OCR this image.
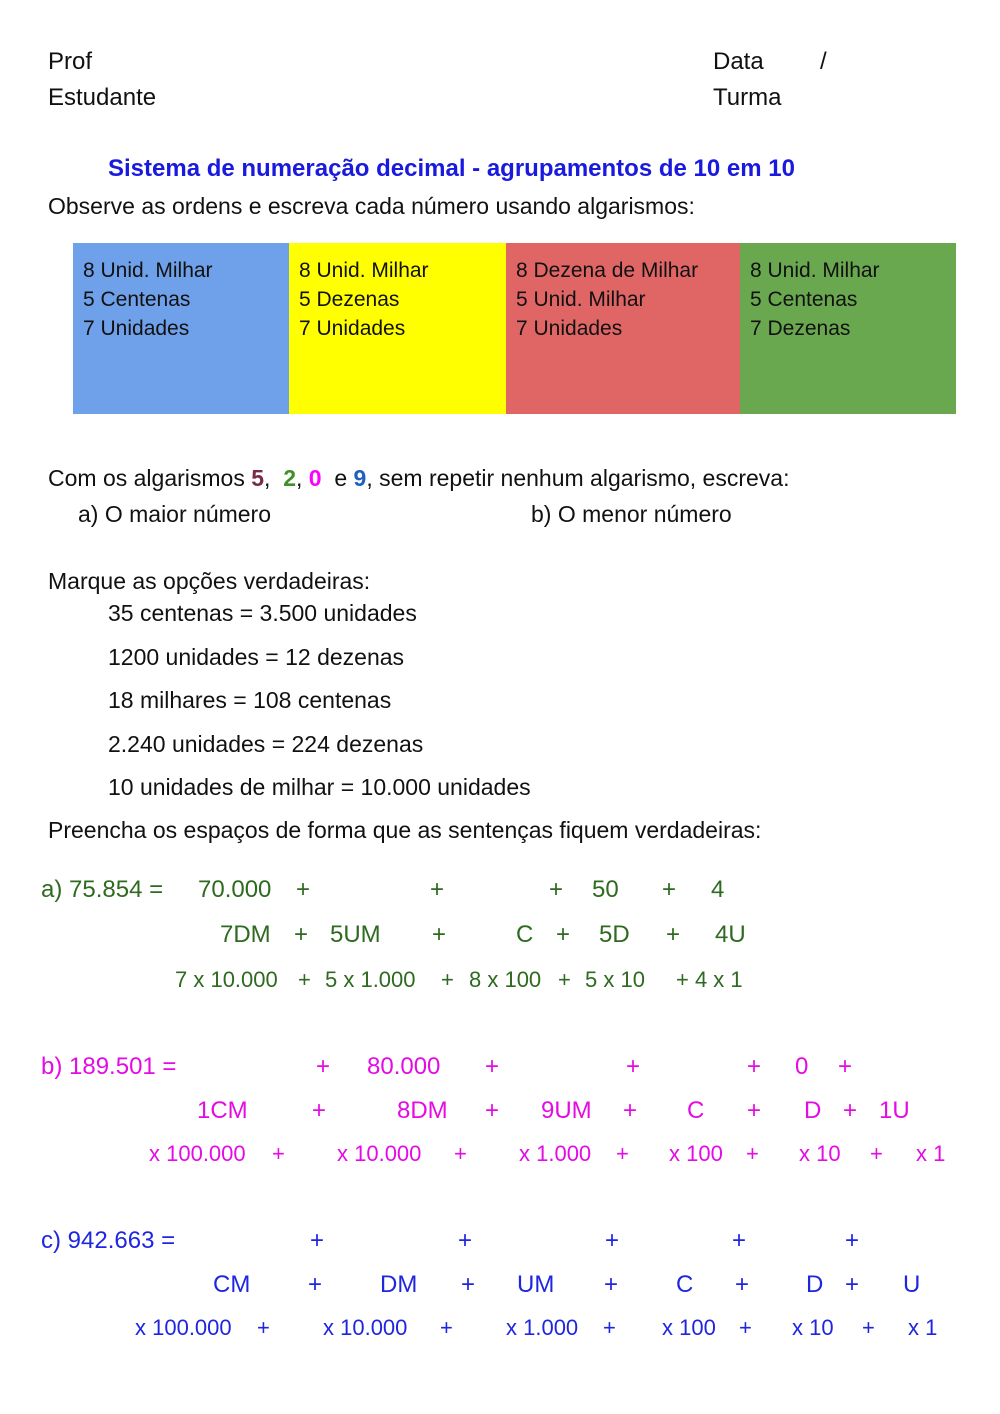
Prof
Estudante
Data /
Turma
Sistema de numeração decimal - agrupamentos de 10 em 10
Observe as ordens e escreva cada número usando algarismos:
8 Unid. Milhar
5 Centenas
7 Unidades
8 Unid. Milhar
5 Dezenas
7 Unidades
8 Dezena de Milhar
5 Unid. Milhar
7 Unidades
8 Unid. Milhar
5 Centenas
7 Dezenas
Com os algarismos 5,  2, 0  e 9, sem repetir nenhum algarismo, escreva:
a) O maior número	b) O menor número
Marque as opções verdadeiras:
35 centenas = 3.500 unidades
1200 unidades = 12 dezenas
18 milhares = 108 centenas
2.240 unidades = 224 dezenas
10 unidades de milhar = 10.000 unidades
Preencha os espaços de forma que as sentenças fiquem verdadeiras:
a) 75.854 = 70.000 +	+	+ 50 + 4
7DM + 5UM +	C + 5D + 4U
7 x 10.000 + 5 x 1.000 + 8 x 100 + 5 x 10 + 4 x 1
b) 189.501 =	+ 80.000 +	+	+ 0 +
1CM	+	8DM + 9UM + C + D + 1U
x 100.000 + x 10.000 + x 1.000 + x 100 + x 10 + x 1
c) 942.663 =	+	+	+	+	+
CM + DM + UM + C + D + U
x 100.000 + x 10.000 + x 1.000 + x 100 + x 10 + x 1
